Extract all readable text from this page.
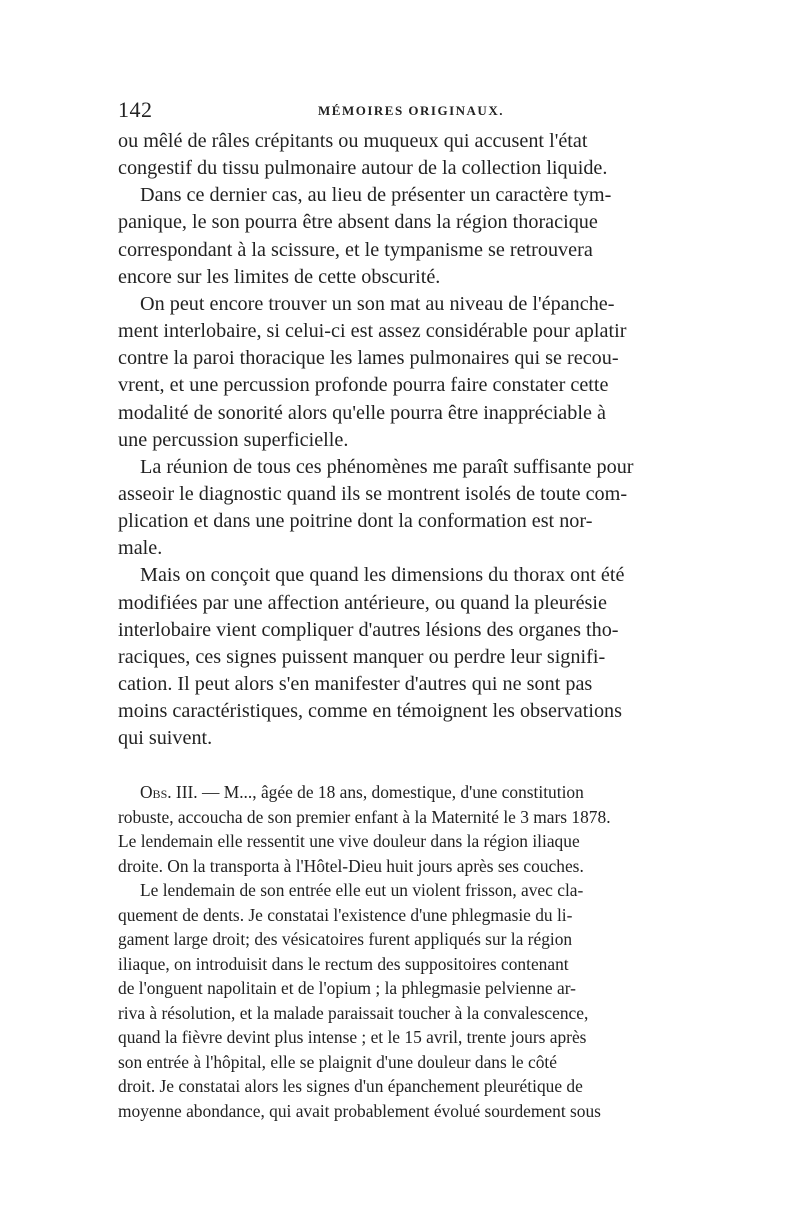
142	MÉMOIRES ORIGINAUX.
ou mêlé de râles crépitants ou muqueux qui accusent l'état
congestif du tissu pulmonaire autour de la collection liquide.
Dans ce dernier cas, au lieu de présenter un caractère tym-
panique, le son pourra être absent dans la région thoracique
correspondant à la scissure, et le tympanisme se retrouvera
encore sur les limites de cette obscurité.
On peut encore trouver un son mat au niveau de l'épanche-
ment interlobaire, si celui-ci est assez considérable pour aplatir
contre la paroi thoracique les lames pulmonaires qui se recou-
vrent, et une percussion profonde pourra faire constater cette
modalité de sonorité alors qu'elle pourra être inappréciable à
une percussion superficielle.
La réunion de tous ces phénomènes me paraît suffisante pour
asseoir le diagnostic quand ils se montrent isolés de toute com-
plication et dans une poitrine dont la conformation est nor-
male.
Mais on conçoit que quand les dimensions du thorax ont été
modifiées par une affection antérieure, ou quand la pleurésie
interlobaire vient compliquer d'autres lésions des organes tho-
raciques, ces signes puissent manquer ou perdre leur signifi-
cation. Il peut alors s'en manifester d'autres qui ne sont pas
moins caractéristiques, comme en témoignent les observations
qui suivent.
Obs. III. — M..., âgée de 18 ans, domestique, d'une constitution
robuste, accoucha de son premier enfant à la Maternité le 3 mars 1878.
Le lendemain elle ressentit une vive douleur dans la région iliaque
droite. On la transporta à l'Hôtel-Dieu huit jours après ses couches.
Le lendemain de son entrée elle eut un violent frisson, avec cla-
quement de dents. Je constatai l'existence d'une phlegmasie du li-
gament large droit; des vésicatoires furent appliqués sur la région
iliaque, on introduisit dans le rectum des suppositoires contenant
de l'onguent napolitain et de l'opium ; la phlegmasie pelvienne ar-
riva à résolution, et la malade paraissait toucher à la convalescence,
quand la fièvre devint plus intense ; et le 15 avril, trente jours après
son entrée à l'hôpital, elle se plaignit d'une douleur dans le côté
droit. Je constatai alors les signes d'un épanchement pleurétique de
moyenne abondance, qui avait probablement évolué sourdement sous
